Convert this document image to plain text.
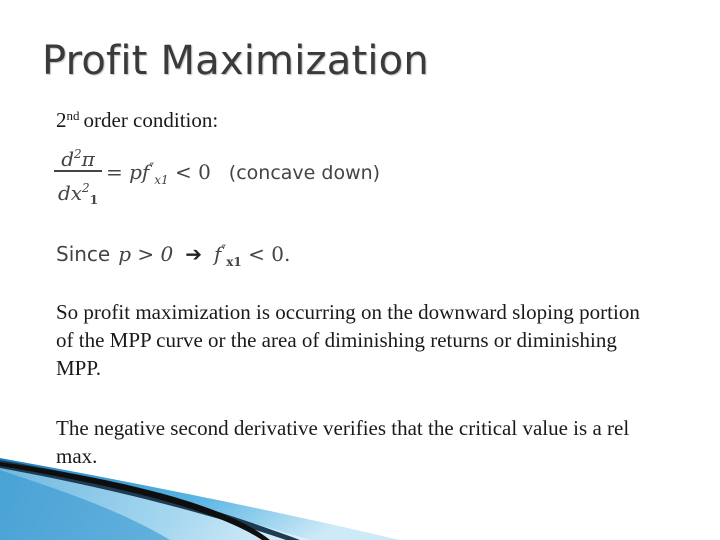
Profit Maximization
2nd order condition:
$d^2\pi$
$dx^2_1$
= $pf''_{x1} < 0$ (concave down)
Since p > 0 ➔ $f''_{x1} < 0$.
So profit maximization is occurring on the downward sloping portion of the MPP curve or the area of diminishing returns or diminishing MPP.
The negative second derivative verifies that the critical value is a rel max.
